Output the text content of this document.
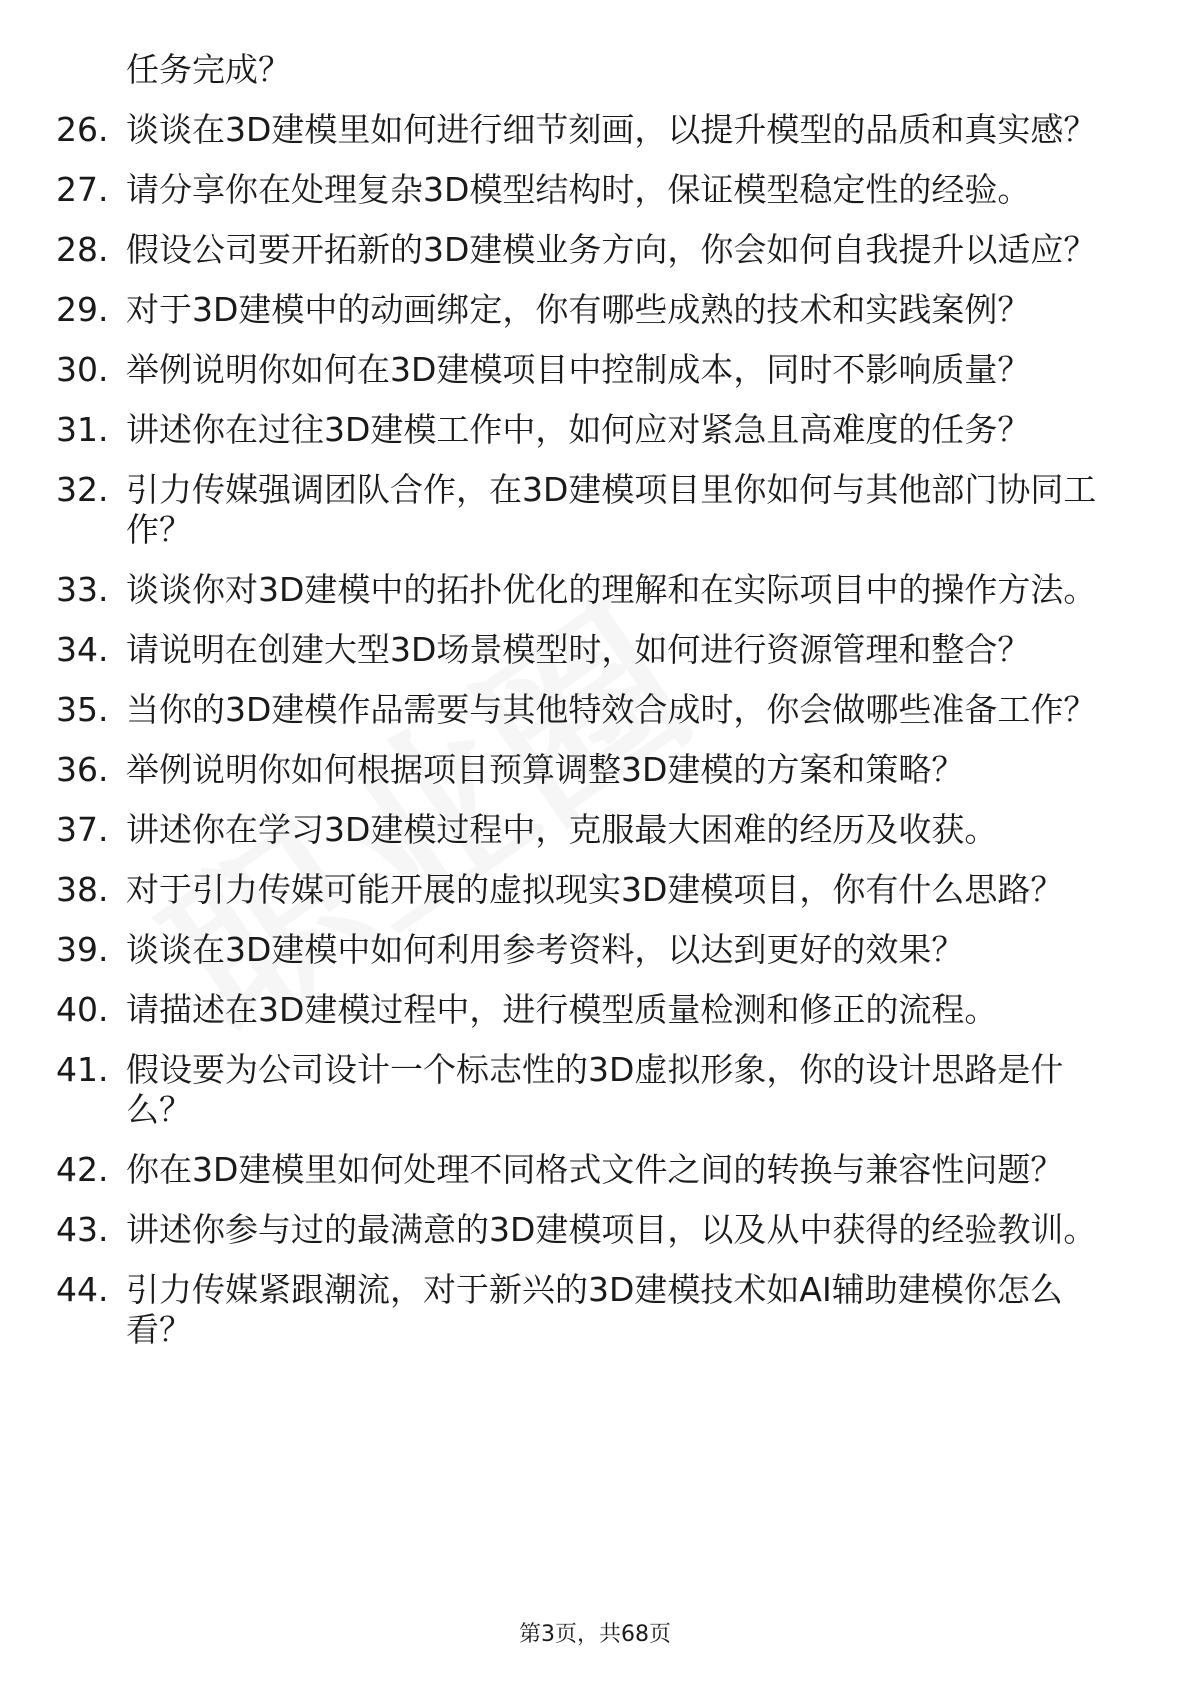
任务完成？

26. 谈谈在3D建模里如何进行细节刻画，以提升模型的品质和真实感？
27. 请分享你在处理复杂3D模型结构时，保证模型稳定性的经验。
28. 假设公司要开拓新的3D建模业务方向，你会如何自我提升以适应？
29. 对于3D建模中的动画绑定，你有哪些成熟的技术和实践案例？
30. 举例说明你如何在3D建模项目中控制成本，同时不影响质量？
31. 讲述你在过往3D建模工作中，如何应对紧急且高难度的任务？
32. 引力传媒强调团队合作，在3D建模项目里你如何与其他部门协同工作？
33. 谈谈你对3D建模中的拓扑优化的理解和在实际项目中的操作方法。
34. 请说明在创建大型3D场景模型时，如何进行资源管理和整合？
35. 当你的3D建模作品需要与其他特效合成时，你会做哪些准备工作？
36. 举例说明你如何根据项目预算调整3D建模的方案和策略？
37. 讲述你在学习3D建模过程中，克服最大困难的经历及收获。
38. 对于引力传媒可能开展的虚拟现实3D建模项目，你有什么思路？
39. 谈谈在3D建模中如何利用参考资料，以达到更好的效果？
40. 请描述在3D建模过程中，进行模型质量检测和修正的流程。
41. 假设要为公司设计一个标志性的3D虚拟形象，你的设计思路是什么？
42. 你在3D建模里如何处理不同格式文件之间的转换与兼容性问题？
43. 讲述你参与过的最满意的3D建模项目，以及从中获得的经验教训。
44. 引力传媒紧跟潮流，对于新兴的3D建模技术如AI辅助建模你怎么看？
第3页，共68页
